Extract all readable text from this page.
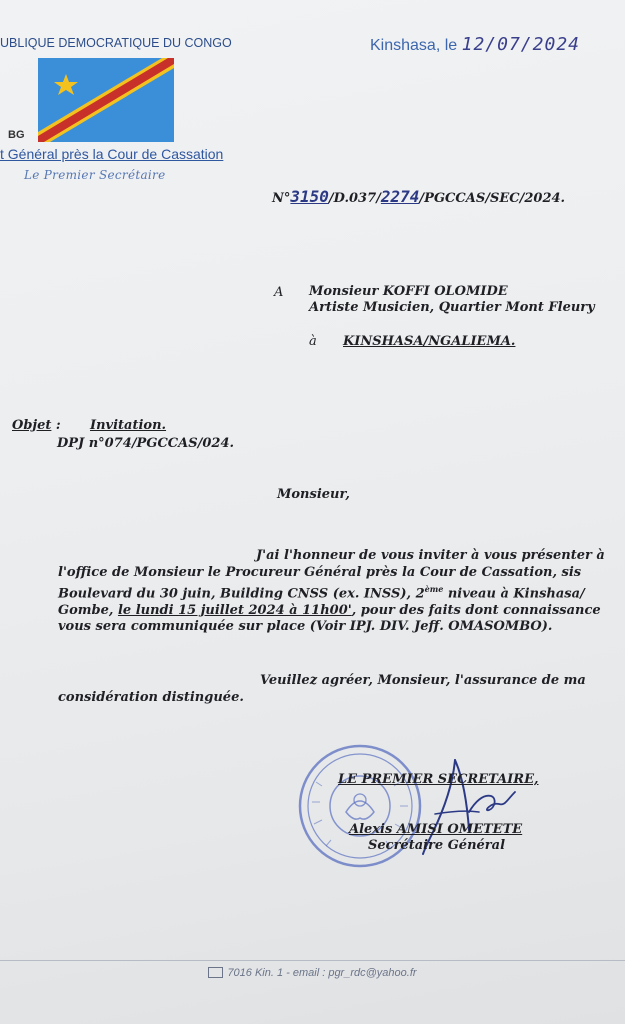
UBLIQUE DEMOCRATIQUE DU CONGO
BG
t Général près la Cour de Cassation
Le Premier Secrétaire
Kinshasa, le 12/07/2024
N°3150/D.037/2274/PGCCAS/SEC/2024.
A Monsieur KOFFI OLOMIDE
Artiste Musicien, Quartier Mont Fleury
à KINSHASA/NGALIEMA.
Objet : Invitation.
DPJ n°074/PGCCAS/024.
Monsieur,
J'ai l'honneur de vous inviter à vous présenter à l'office de Monsieur le Procureur Général près la Cour de Cassation, sis Boulevard du 30 juin, Building CNSS (ex. INSS), 2ème niveau à Kinshasa/ Gombe, le lundi 15 juillet 2024 à 11h00', pour des faits dont connaissance vous sera communiquée sur place (Voir IPJ. DIV. Jeff. OMASOMBO).
Veuillez agréer, Monsieur, l'assurance de ma considération distinguée.
LE PREMIER SECRETAIRE,
Alexis AMISI OMETETE
Secrétaire Général
7016 Kin. 1 - email : pgr_rdc@yahoo.fr
